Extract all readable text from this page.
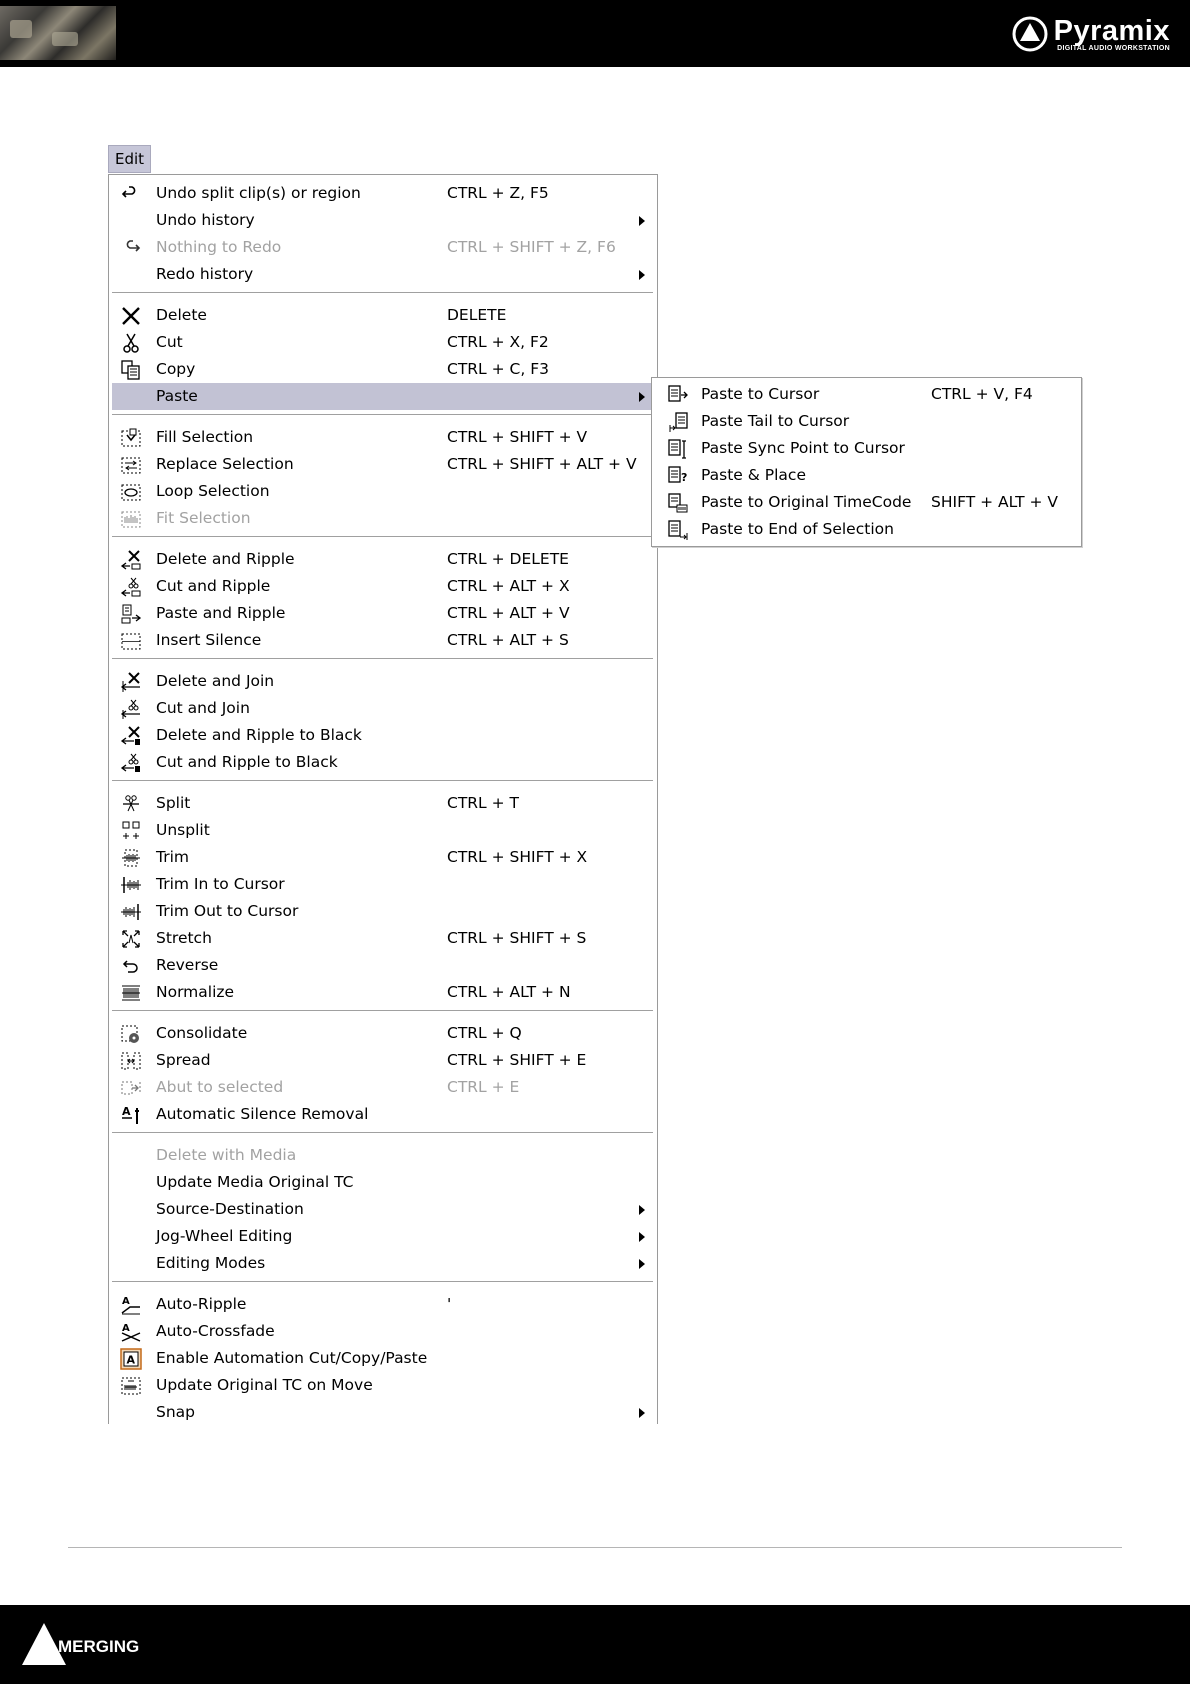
Pyramix
DIGITAL AUDIO WORKSTATION
Edit
Undo split clip(s) or region	CTRL + Z, F5
Undo history
Nothing to Redo	CTRL + SHIFT + Z, F6
Redo history
Delete	DELETE
Cut	CTRL + X, F2
Copy	CTRL + C, F3
Paste
Fill Selection	CTRL + SHIFT + V
Replace Selection	CTRL + SHIFT + ALT + V
Loop Selection
Fit Selection
Delete and Ripple	CTRL + DELETE
Cut and Ripple	CTRL + ALT + X
Paste and Ripple	CTRL + ALT + V
Insert Silence	CTRL + ALT + S
Delete and Join
Cut and Join
Delete and Ripple to Black
Cut and Ripple to Black
Split	CTRL + T
Unsplit
Trim	CTRL + SHIFT + X
Trim In to Cursor
Trim Out to Cursor
Stretch	CTRL + SHIFT + S
Reverse
Normalize	CTRL + ALT + N
Consolidate	CTRL + Q
Spread	CTRL + SHIFT + E
Abut to selected	CTRL + E
A Automatic Silence Removal
Delete with Media
Update Media Original TC
Source-Destination
Jog-Wheel Editing
Editing Modes
A Auto-Ripple	'
A Auto-Crossfade
A Enable Automation Cut/Copy/Paste
Update Original TC on Move
Snap
Paste to Cursor	CTRL + V, F4
Paste Tail to Cursor
Paste Sync Point to Cursor
? Paste & Place
Paste to Original TimeCode SHIFT + ALT + V
Paste to End of Selection
MERGING
